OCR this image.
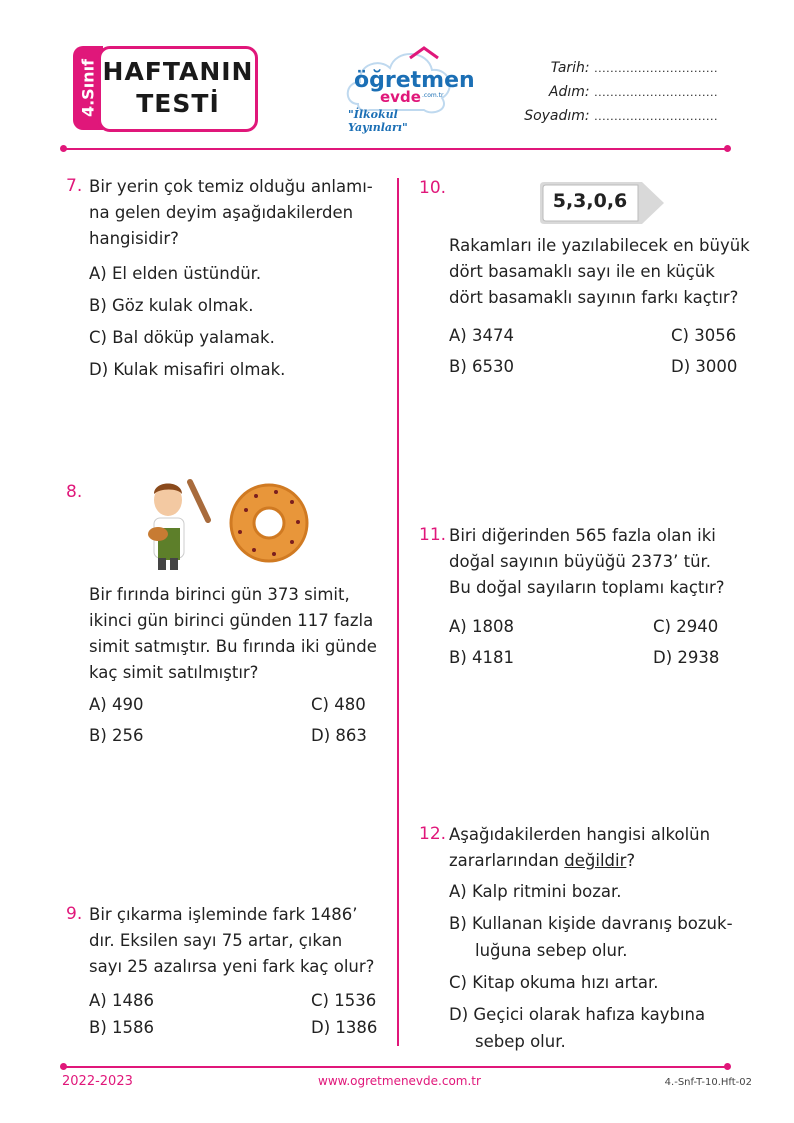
4.Sınıf HAFTANIN
TESTİ
öğretmen
evde .com.tr
"İlkokul Yayınları"
Tarih: ...............................
Adım: ...............................
Soyadım: ...............................
7. Bir yerin çok temiz olduğu anlamı-
na gelen deyim aşağıdakilerden
hangisidir?
A) El elden üstündür.
B) Göz kulak olmak.
C) Bal döküp yalamak.
D) Kulak misafiri olmak.
8.
Bir fırında birinci gün 373 simit,
ikinci gün birinci günden 117 fazla
simit satmıştır. Bu fırında iki günde
kaç simit satılmıştır?
A) 490	C) 480
B) 256	D) 863
9. Bir çıkarma işleminde fark 1486’
dır. Eksilen sayı 75 artar, çıkan
sayı 25 azalırsa yeni fark kaç olur?
A) 1486	C) 1536
B) 1586	D) 1386
10.
5,3,0,6
Rakamları ile yazılabilecek en büyük
dört basamaklı sayı ile en küçük
dört basamaklı sayının farkı kaçtır?
A) 3474	C) 3056
B) 6530	D) 3000
11. Biri diğerinden 565 fazla olan iki
doğal sayının büyüğü 2373’ tür.
Bu doğal sayıların toplamı kaçtır?
A) 1808	C) 2940
B) 4181	D) 2938
12. Aşağıdakilerden hangisi alkolün
zararlarından değildir?
A) Kalp ritmini bozar.
B) Kullanan kişide davranış bozuk-
luğuna sebep olur.
C) Kitap okuma hızı artar.
D) Geçici olarak hafıza kaybına
sebep olur.
2022-2023	www.ogretmenevde.com.tr	4.-Snf-T-10.Hft-02
